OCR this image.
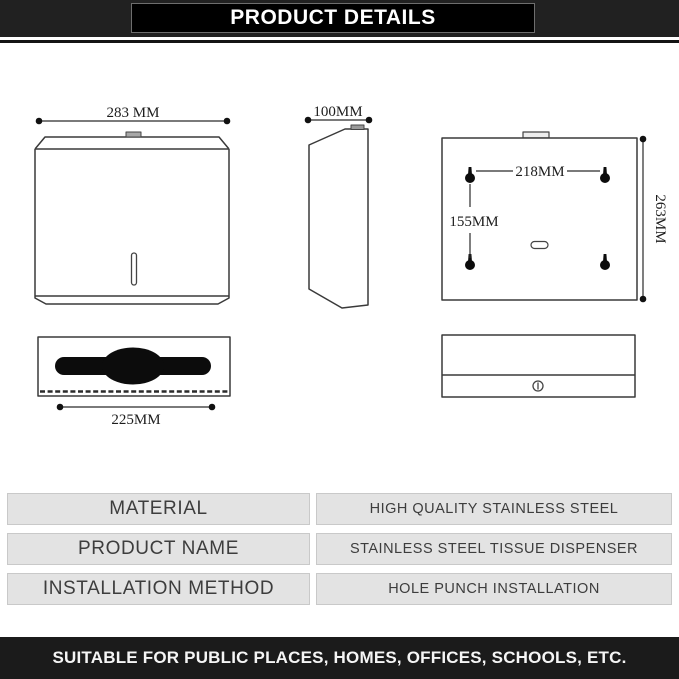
PRODUCT DETAILS
283 MM	100MM
218MM
155MM	263MM
225MM
MATERIAL	HIGH QUALITY STAINLESS STEEL
PRODUCT NAME	STAINLESS STEEL TISSUE DISPENSER
INSTALLATION METHOD	HOLE PUNCH INSTALLATION
SUITABLE FOR PUBLIC PLACES, HOMES, OFFICES, SCHOOLS, ETC.
